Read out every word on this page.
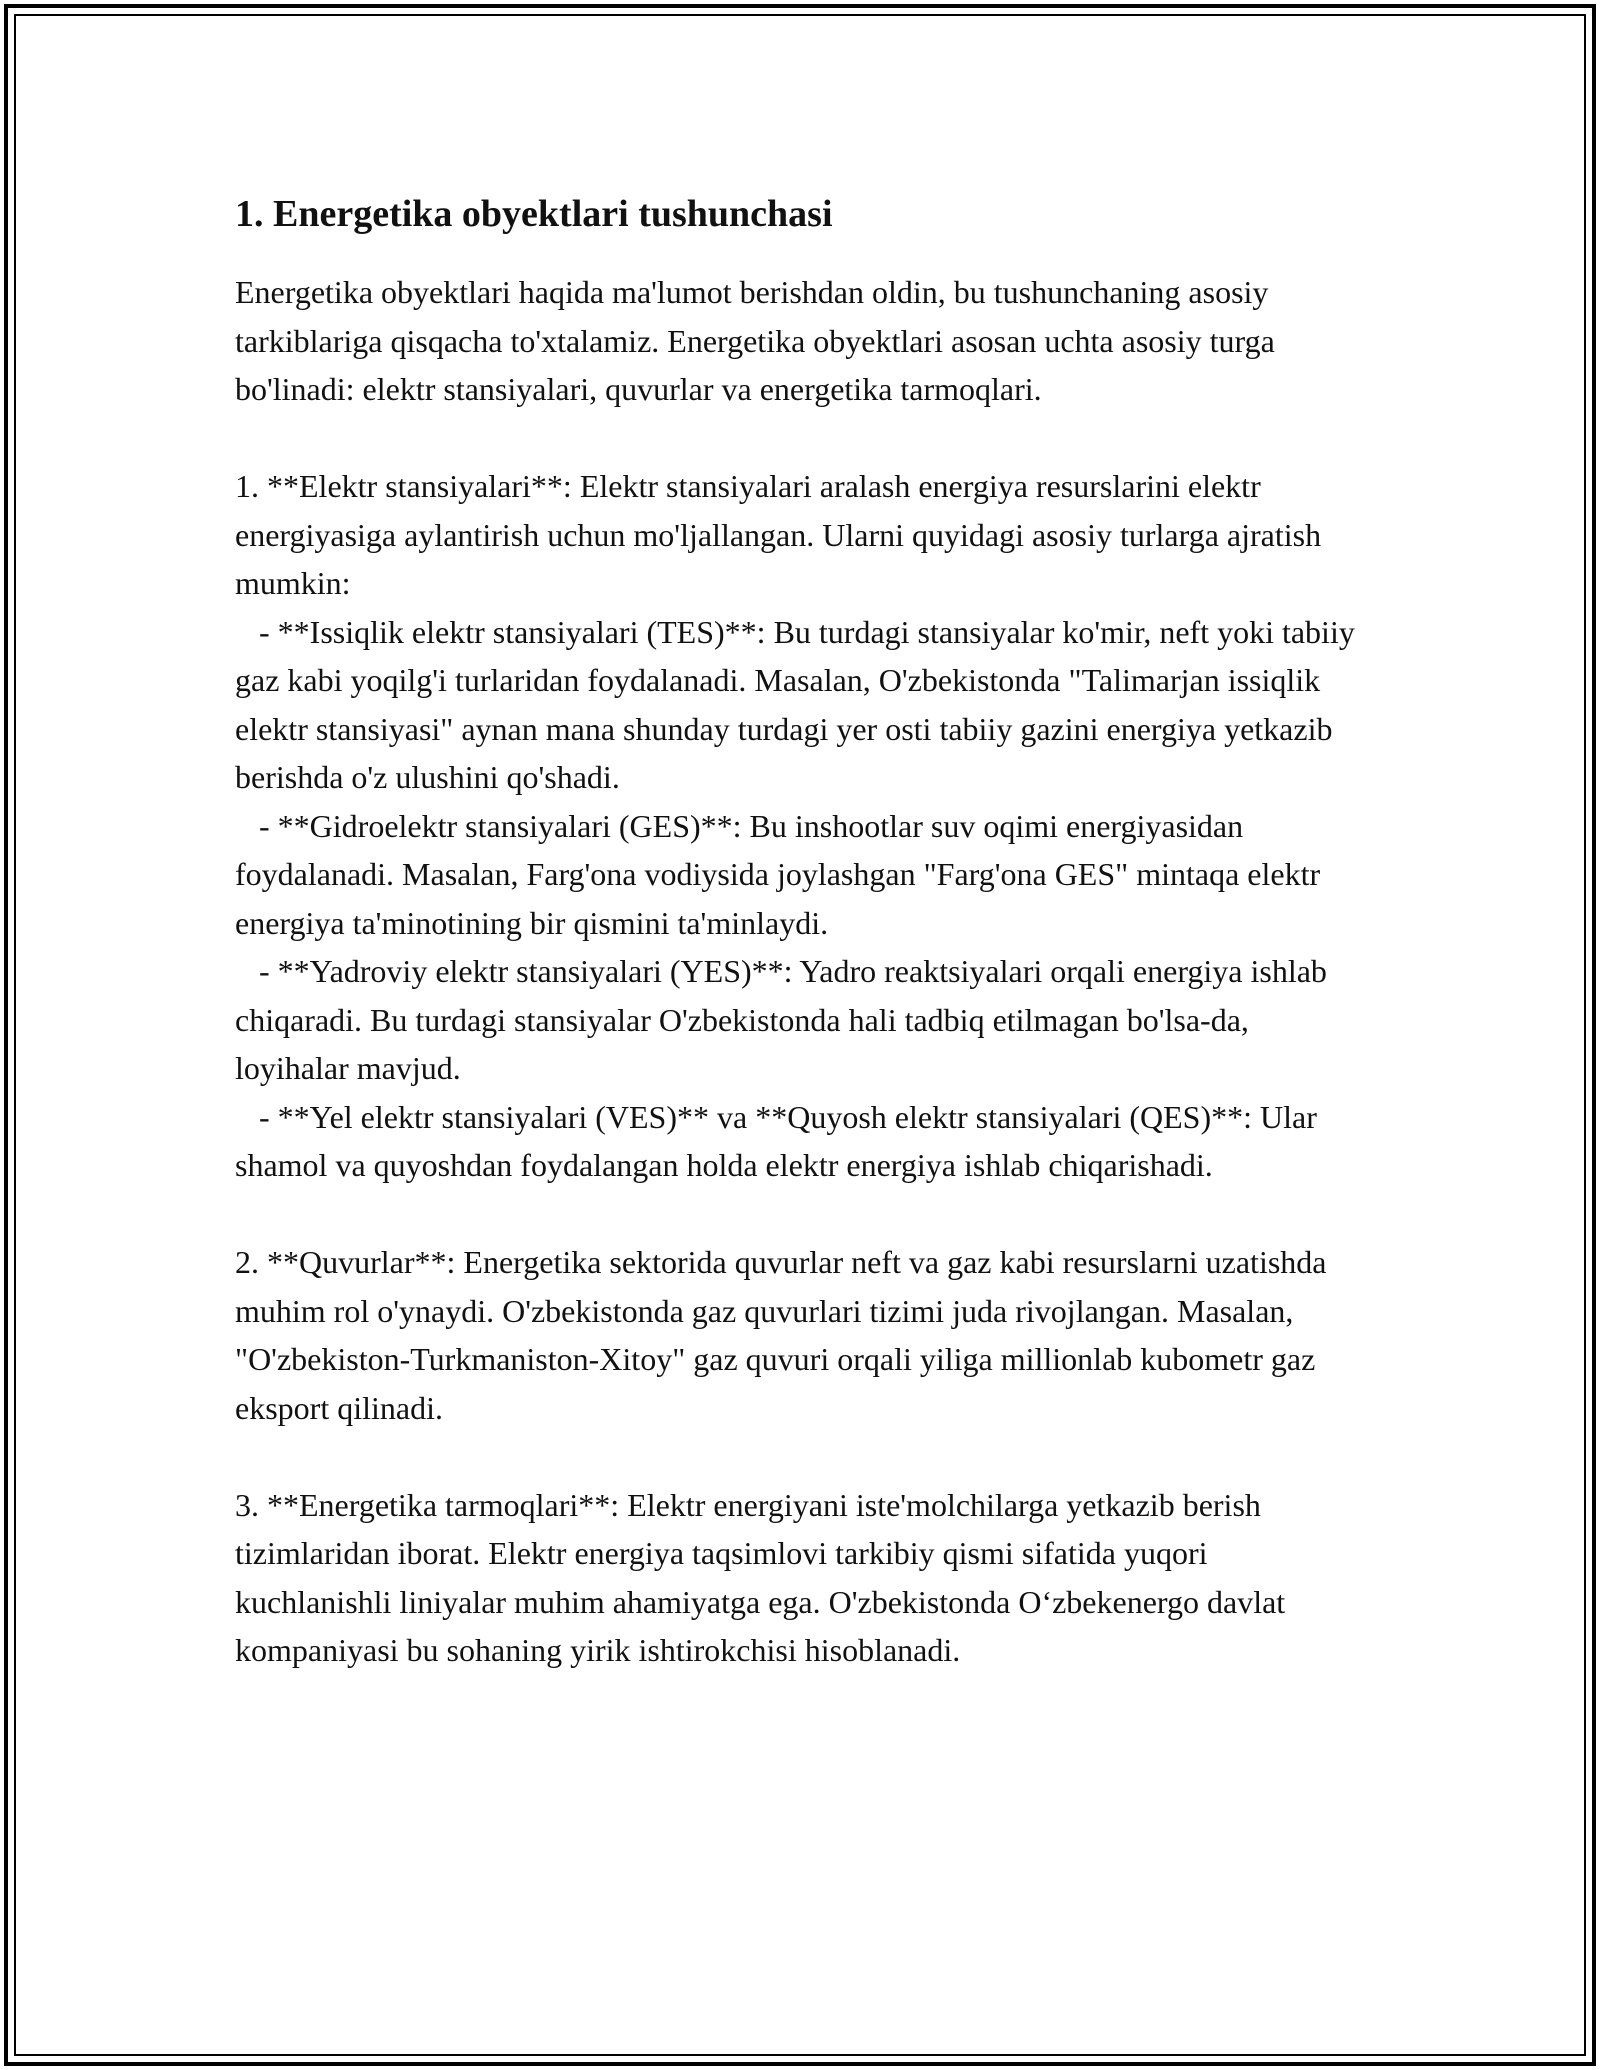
1. Energetika obyektlari tushunchasi

Energetika obyektlari haqida ma'lumot berishdan oldin, bu tushunchaning asosiy tarkiblariga qisqacha to'xtalamiz. Energetika obyektlari asosan uchta asosiy turga bo'linadi: elektr stansiyalari, quvurlar va energetika tarmoqlari.

1. **Elektr stansiyalari**: Elektr stansiyalari aralash energiya resurslarini elektr energiyasiga aylantirish uchun mo'ljallangan. Ularni quyidagi asosiy turlarga ajratish mumkin:

- **Issiqlik elektr stansiyalari (TES)**: Bu turdagi stansiyalar ko'mir, neft yoki tabiiy gaz kabi yoqilg'i turlaridan foydalanadi. Masalan, O'zbekistonda "Talimarjan issiqlik elektr stansiyasi" aynan mana shunday turdagi yer osti tabiiy gazini energiya yetkazib berishda o'z ulushini qo'shadi.

- **Gidroelektr stansiyalari (GES)**: Bu inshootlar suv oqimi energiyasidan foydalanadi. Masalan, Farg'ona vodiysida joylashgan "Farg'ona GES" mintaqa elektr energiya ta'minotining bir qismini ta'minlaydi.

- **Yadroviy elektr stansiyalari (YES)**: Yadro reaktsiyalari orqali energiya ishlab chiqaradi. Bu turdagi stansiyalar O'zbekistonda hali tadbiq etilmagan bo'lsa-da, loyihalar mavjud.

- **Yel elektr stansiyalari (VES)** va **Quyosh elektr stansiyalari (QES)**: Ular shamol va quyoshdan foydalangan holda elektr energiya ishlab chiqarishadi.

2. **Quvurlar**: Energetika sektorida quvurlar neft va gaz kabi resurslarni uzatishda muhim rol o'ynaydi. O'zbekistonda gaz quvurlari tizimi juda rivojlangan. Masalan, "O'zbekiston-Turkmaniston-Xitoy" gaz quvuri orqali yiliga millionlab kubometr gaz eksport qilinadi.

3. **Energetika tarmoqlari**: Elektr energiyani iste'molchilarga yetkazib berish tizimlaridan iborat. Elektr energiya taqsimlovi tarkibiy qismi sifatida yuqori kuchlanishli liniyalar muhim ahamiyatga ega. O'zbekistonda O‘zbekenergo davlat kompaniyasi bu sohaning yirik ishtirokchisi hisoblanadi.
